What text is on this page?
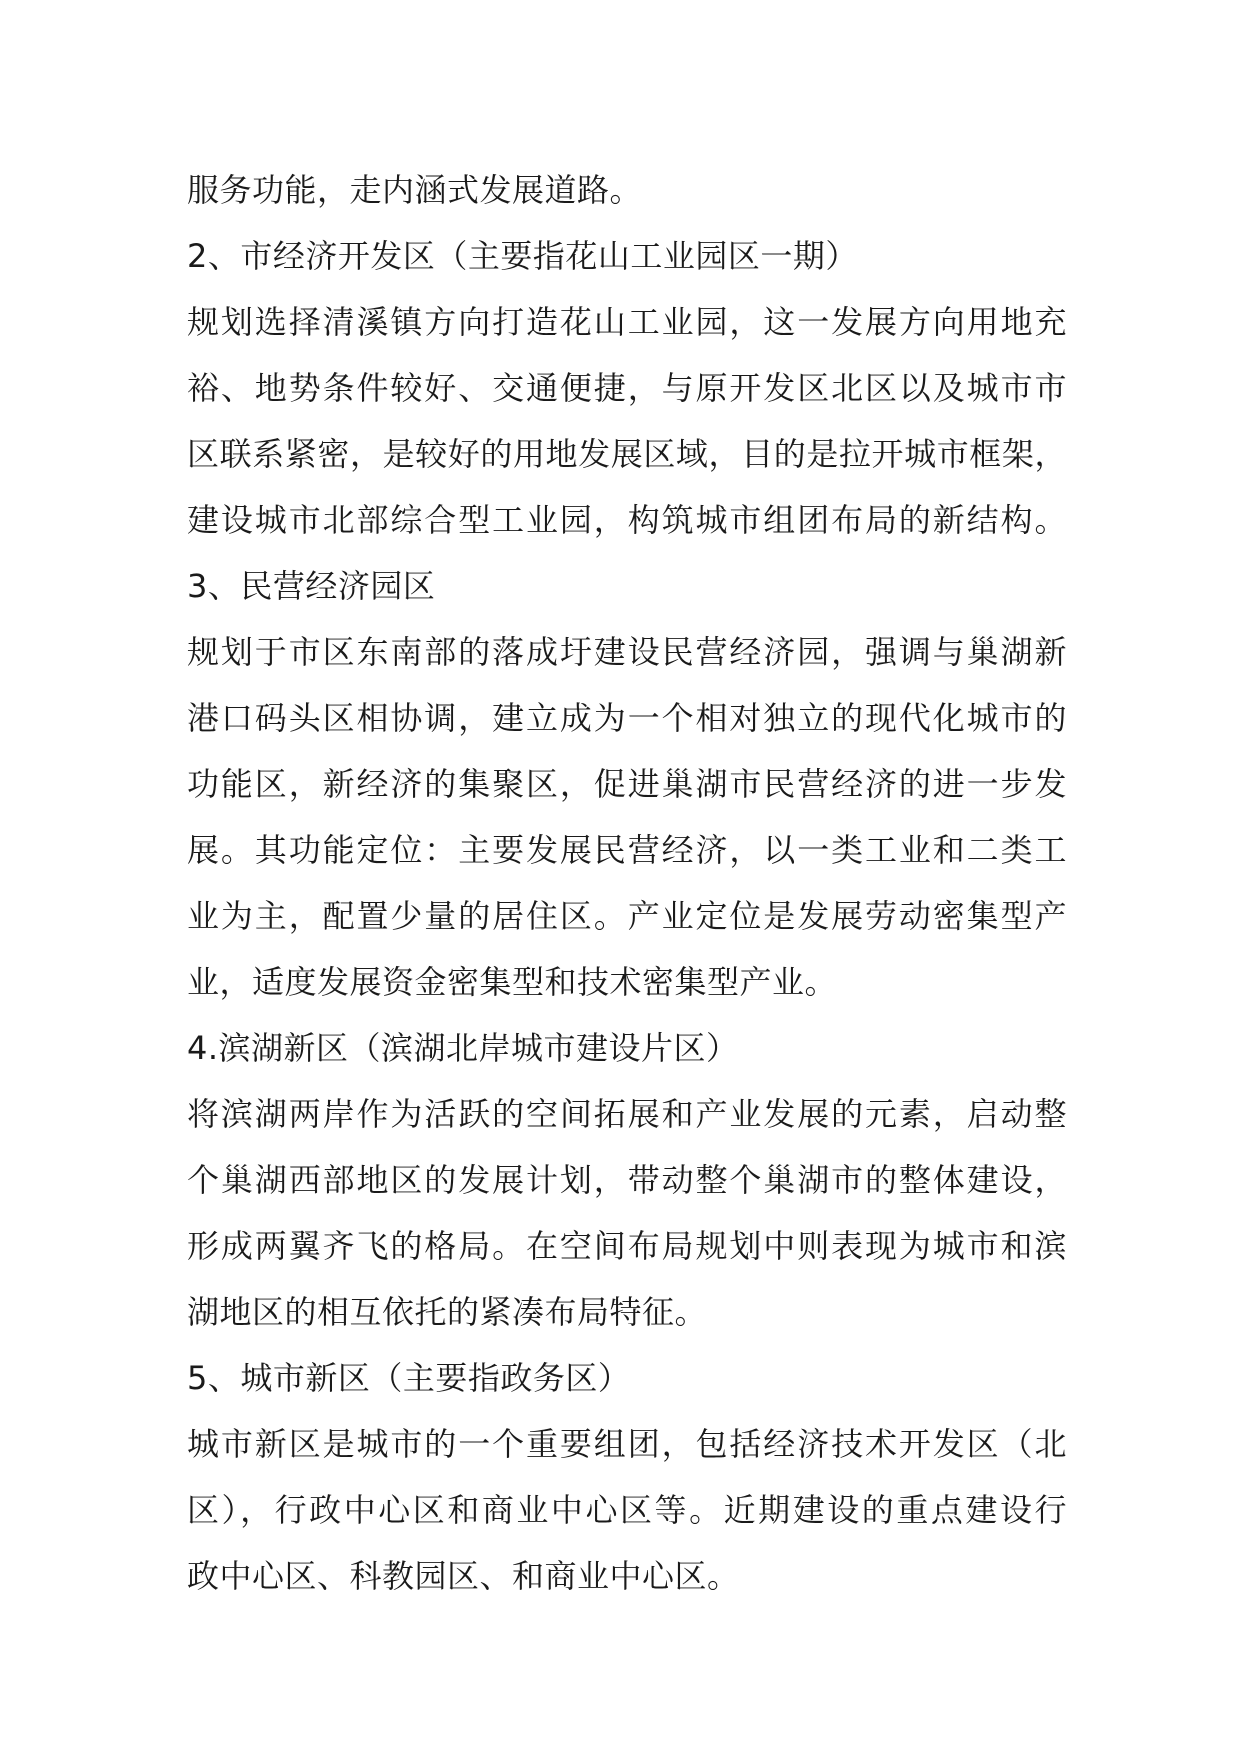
服务功能，走内涵式发展道路。
2、市经济开发区（主要指花山工业园区一期）
规划选择清溪镇方向打造花山工业园，这一发展方向用地充
裕、地势条件较好、交通便捷，与原开发区北区以及城市市
区联系紧密，是较好的用地发展区域，目的是拉开城市框架，
建设城市北部综合型工业园，构筑城市组团布局的新结构。
3、民营经济园区
规划于市区东南部的落成圩建设民营经济园，强调与巢湖新
港口码头区相协调，建立成为一个相对独立的现代化城市的
功能区，新经济的集聚区，促进巢湖市民营经济的进一步发
展。其功能定位：主要发展民营经济，以一类工业和二类工
业为主，配置少量的居住区。产业定位是发展劳动密集型产
业，适度发展资金密集型和技术密集型产业。
4.滨湖新区（滨湖北岸城市建设片区）
将滨湖两岸作为活跃的空间拓展和产业发展的元素，启动整
个巢湖西部地区的发展计划，带动整个巢湖市的整体建设，
形成两翼齐飞的格局。在空间布局规划中则表现为城市和滨
湖地区的相互依托的紧凑布局特征。
5、城市新区（主要指政务区）
城市新区是城市的一个重要组团，包括经济技术开发区（北
区），行政中心区和商业中心区等。近期建设的重点建设行
政中心区、科教园区、和商业中心区。
